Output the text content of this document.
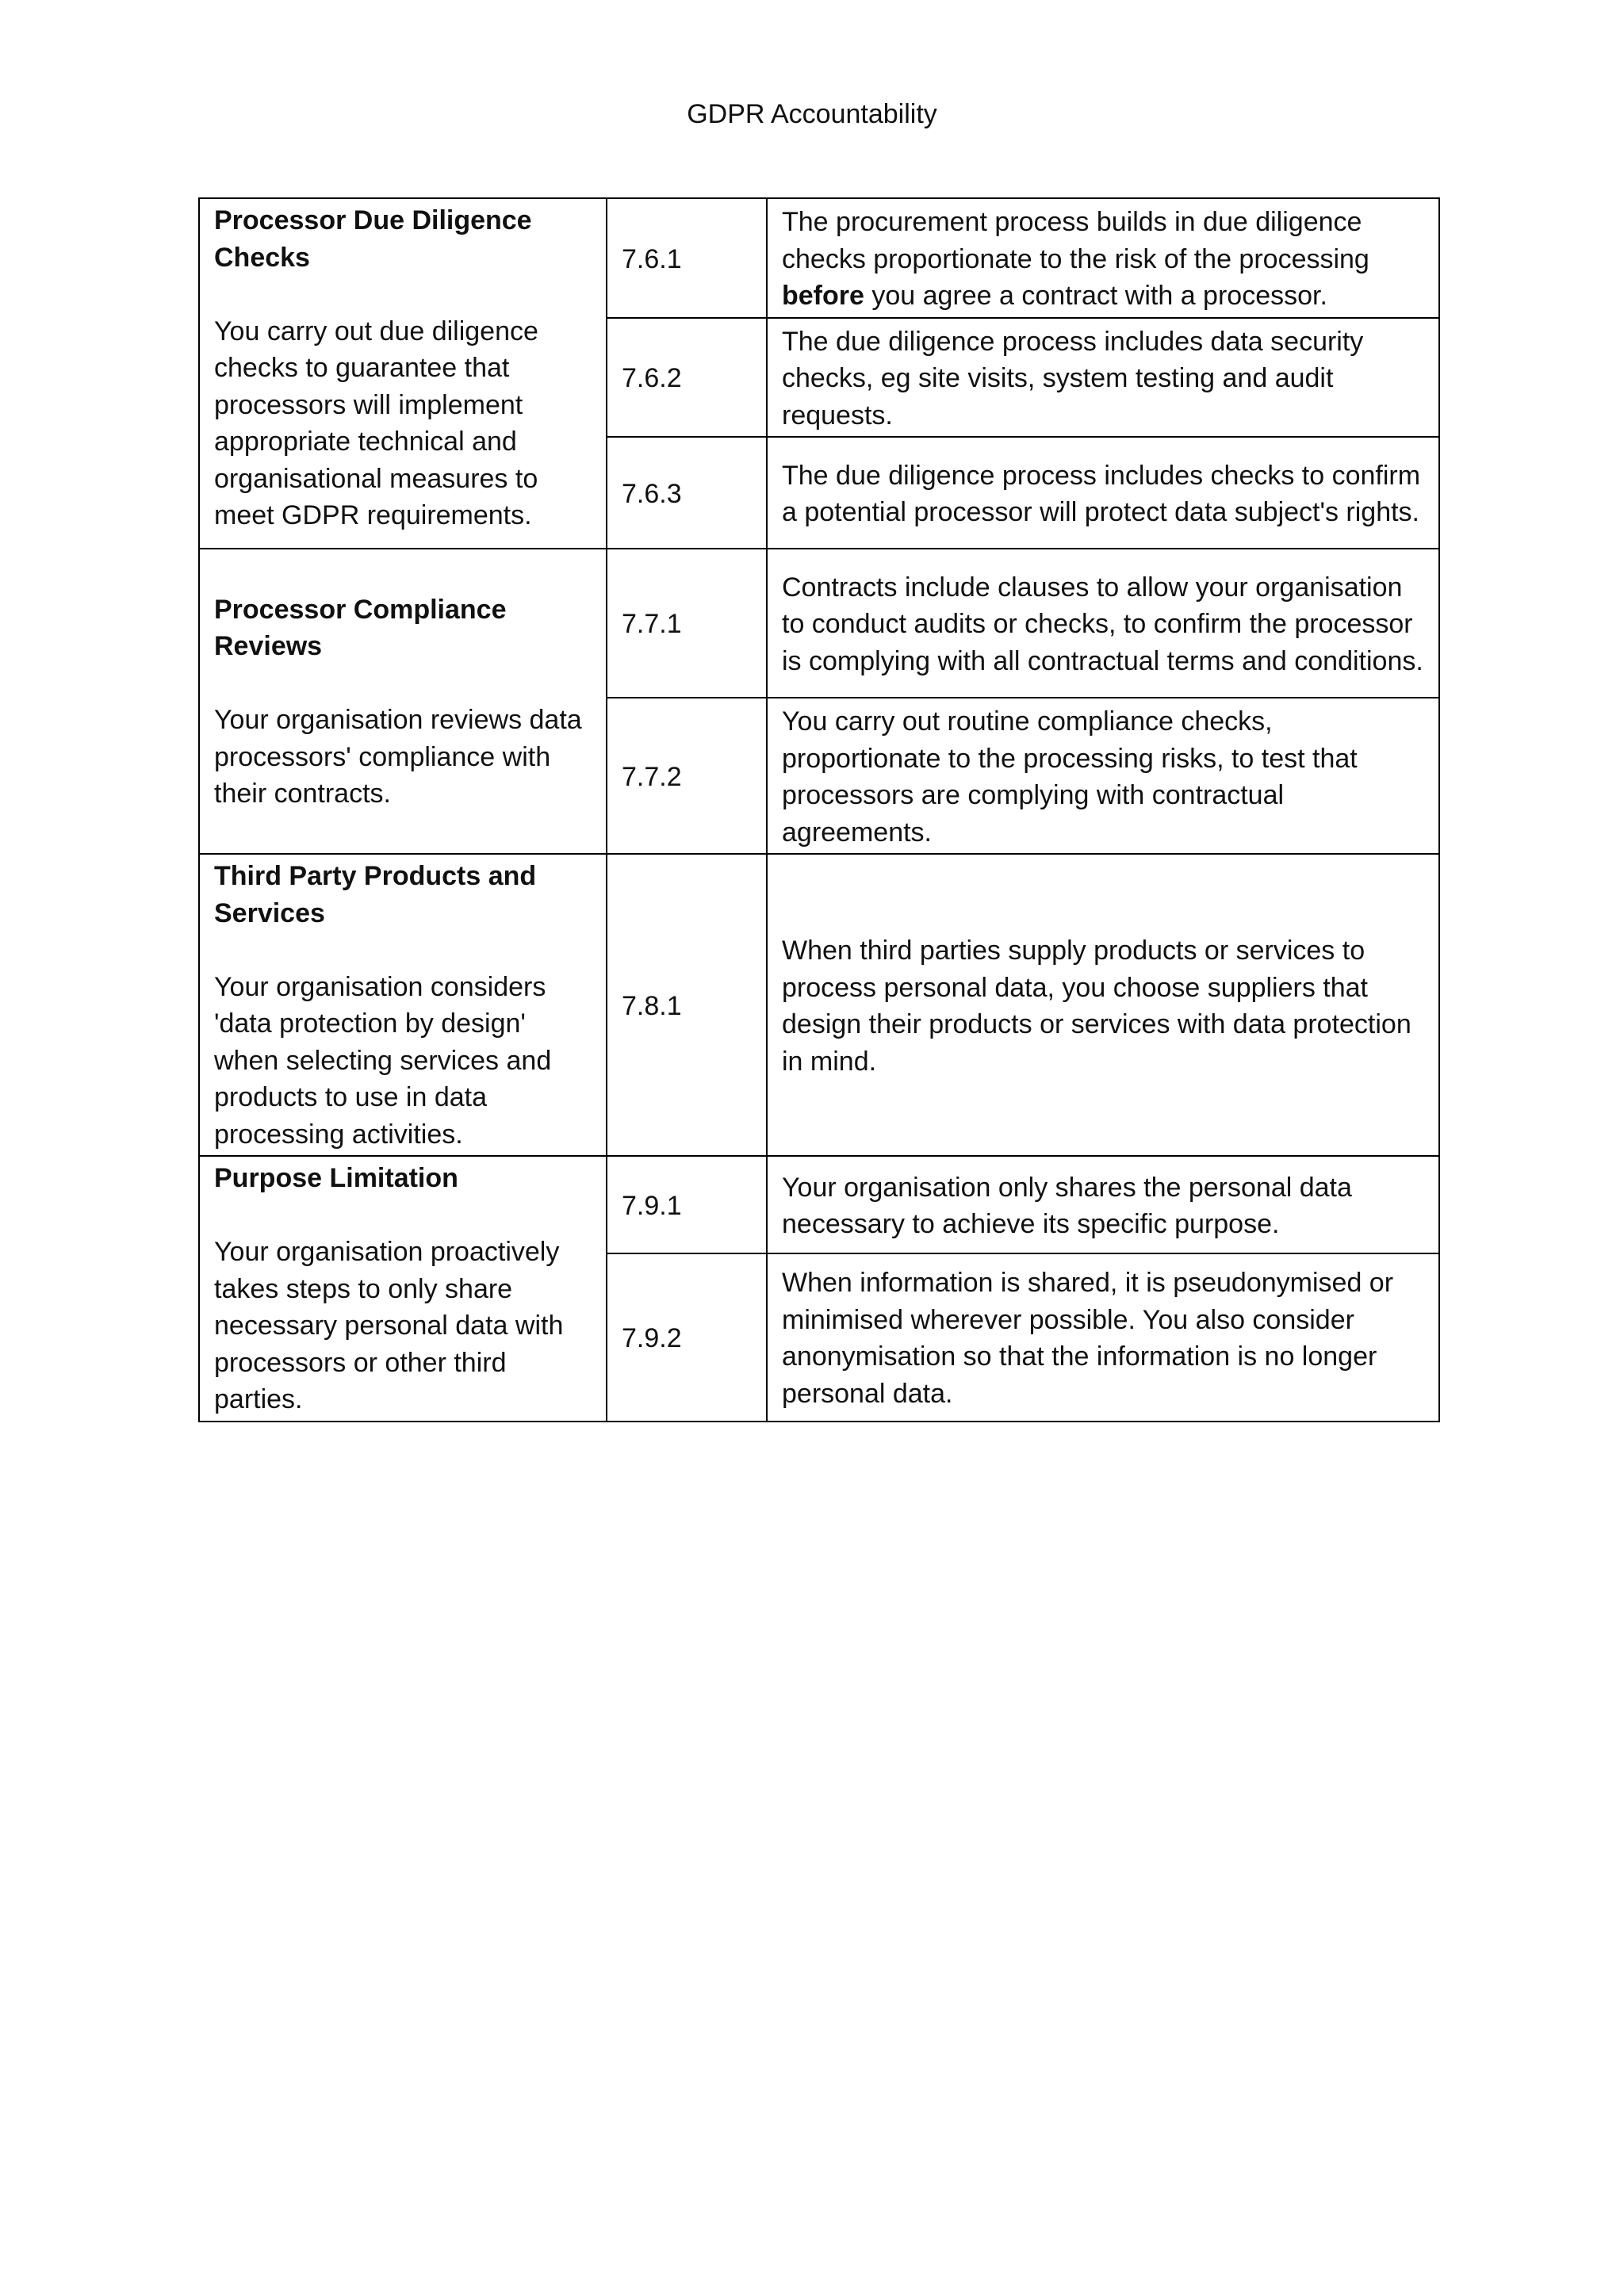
GDPR Accountability
Processor Due Diligence Checks
You carry out due diligence checks to guarantee that processors will implement appropriate technical and organisational measures to meet GDPR requirements.	7.6.1	The procurement process builds in due diligence checks proportionate to the risk of the processing before you agree a contract with a processor.
	7.6.2	The due diligence process includes data security checks, eg site visits, system testing and audit requests.
	7.6.3	The due diligence process includes checks to confirm a potential processor will protect data subject's rights.

Processor Compliance Reviews
Your organisation reviews data processors' compliance with their contracts.	7.7.1	Contracts include clauses to allow your organisation to conduct audits or checks, to confirm the processor is complying with all contractual terms and conditions.
	7.7.2	You carry out routine compliance checks, proportionate to the processing risks, to test that processors are complying with contractual agreements.

Third Party Products and Services
Your organisation considers 'data protection by design' when selecting services and products to use in data processing activities.	7.8.1	When third parties supply products or services to process personal data, you choose suppliers that design their products or services with data protection in mind.

Purpose Limitation
Your organisation proactively takes steps to only share necessary personal data with processors or other third parties.	7.9.1	Your organisation only shares the personal data necessary to achieve its specific purpose.
	7.9.2	When information is shared, it is pseudonymised or minimised wherever possible. You also consider anonymisation so that the information is no longer personal data.
